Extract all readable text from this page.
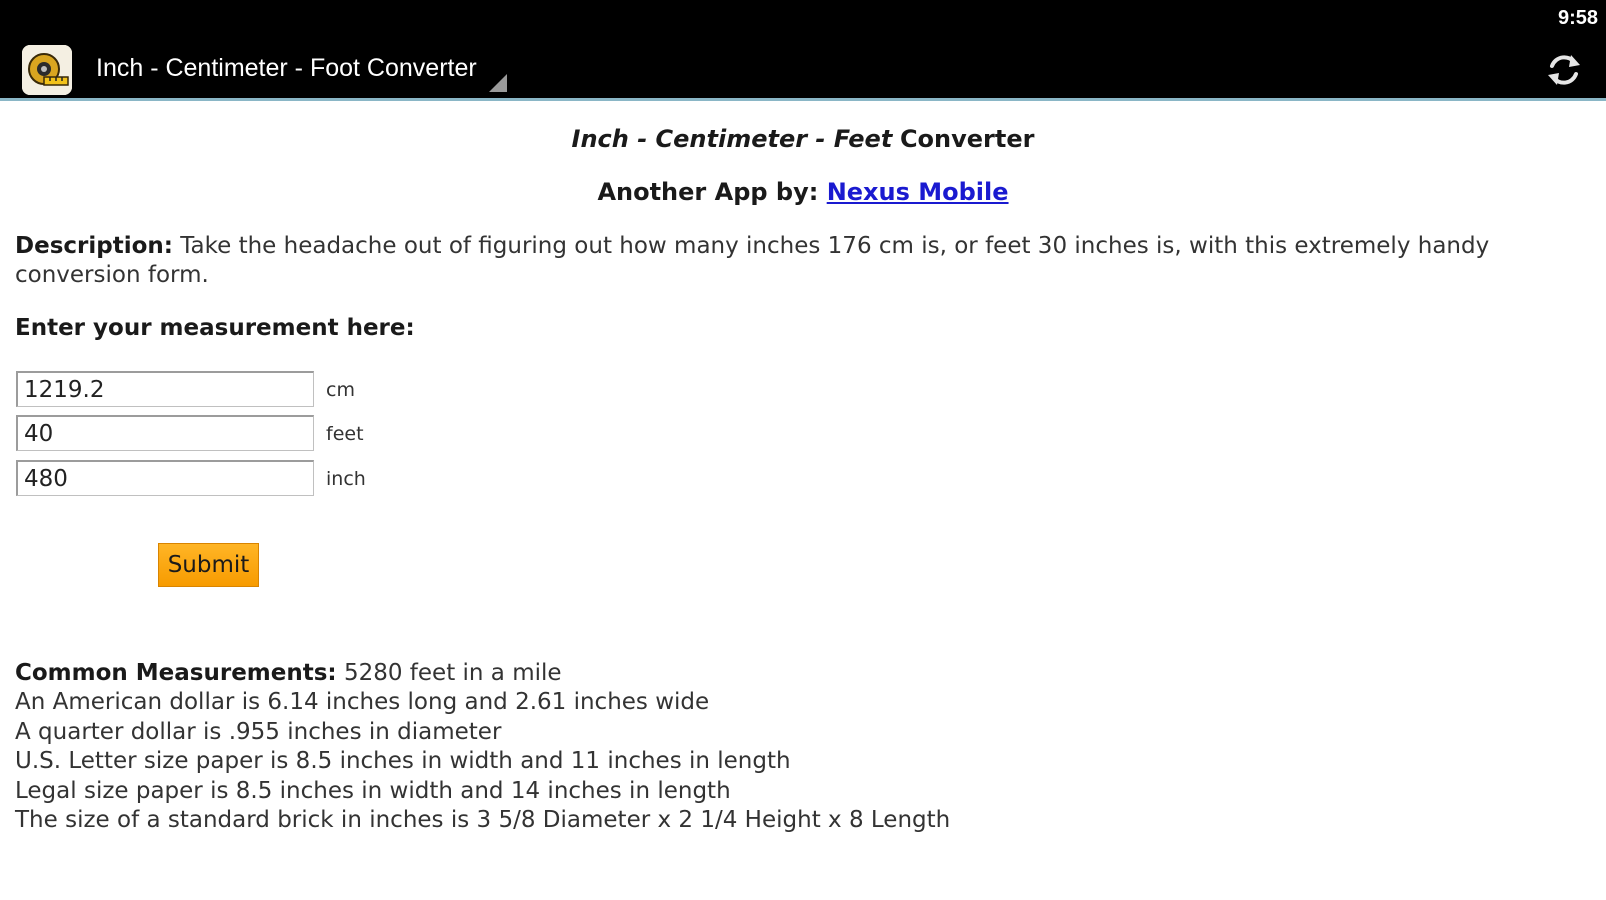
9:58
Inch - Centimeter - Foot Converter
Inch - Centimeter - Feet Converter
Another App by: Nexus Mobile
Description: Take the headache out of figuring out how many inches 176 cm is, or feet 30 inches is, with this extremely handy conversion form.
Enter your measurement here:
1219.2
cm
40
feet
480
inch
Submit
Common Measurements: 5280 feet in a mile
An American dollar is 6.14 inches long and 2.61 inches wide
A quarter dollar is .955 inches in diameter
U.S. Letter size paper is 8.5 inches in width and 11 inches in length
Legal size paper is 8.5 inches in width and 14 inches in length
The size of a standard brick in inches is 3 5/8 Diameter x 2 1/4 Height x 8 Length
